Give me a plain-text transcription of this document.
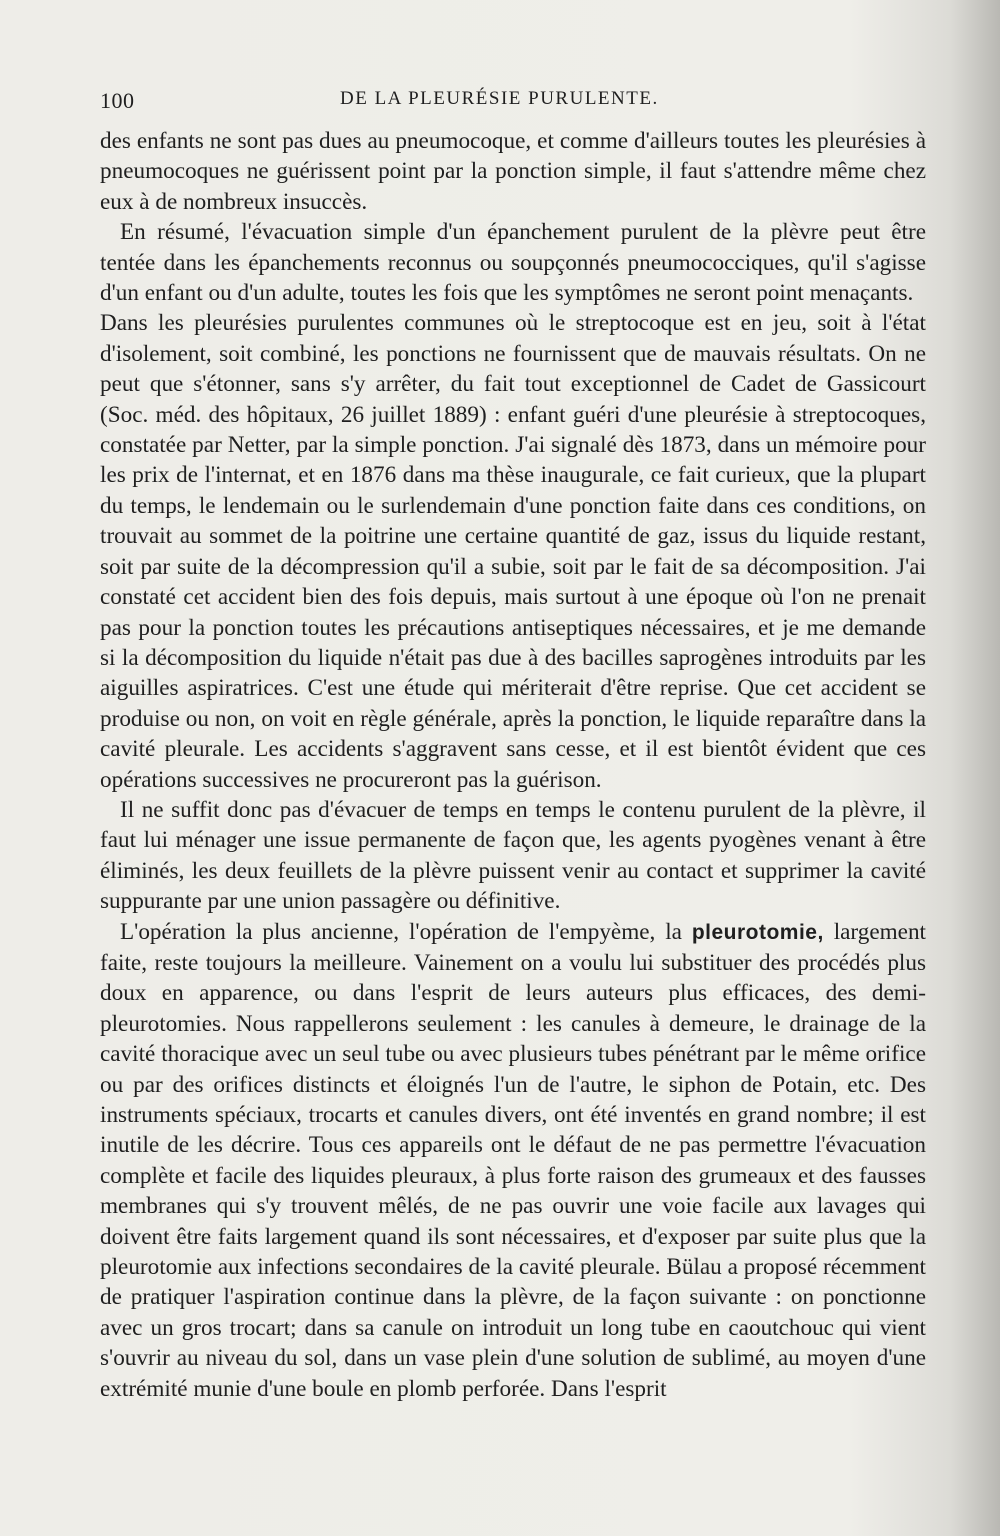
100	DE LA PLEURÉSIE PURULENTE.

des enfants ne sont pas dues au pneumocoque, et comme d'ailleurs toutes les pleurésies à pneumocoques ne guérissent point par la ponction simple, il faut s'attendre même chez eux à de nombreux insuccès.

En résumé, l'évacuation simple d'un épanchement purulent de la plèvre peut être tentée dans les épanchements reconnus ou soupçonnés pneumococciques, qu'il s'agisse d'un enfant ou d'un adulte, toutes les fois que les symptômes ne seront point menaçants.

Dans les pleurésies purulentes communes où le streptocoque est en jeu, soit à l'état d'isolement, soit combiné, les ponctions ne fournissent que de mauvais résultats. On ne peut que s'étonner, sans s'y arrêter, du fait tout exceptionnel de Cadet de Gassicourt (Soc. méd. des hôpitaux, 26 juillet 1889) : enfant guéri d'une pleurésie à streptocoques, constatée par Netter, par la simple ponction. J'ai signalé dès 1873, dans un mémoire pour les prix de l'internat, et en 1876 dans ma thèse inaugurale, ce fait curieux, que la plupart du temps, le lendemain ou le surlendemain d'une ponction faite dans ces conditions, on trouvait au sommet de la poitrine une certaine quantité de gaz, issus du liquide restant, soit par suite de la décompression qu'il a subie, soit par le fait de sa décomposition. J'ai constaté cet accident bien des fois depuis, mais surtout à une époque où l'on ne prenait pas pour la ponction toutes les précautions antiseptiques nécessaires, et je me demande si la décomposition du liquide n'était pas due à des bacilles saprogènes introduits par les aiguilles aspiratrices. C'est une étude qui mériterait d'être reprise. Que cet accident se produise ou non, on voit en règle générale, après la ponction, le liquide reparaître dans la cavité pleurale. Les accidents s'aggravent sans cesse, et il est bientôt évident que ces opérations successives ne procureront pas la guérison.

Il ne suffit donc pas d'évacuer de temps en temps le contenu purulent de la plèvre, il faut lui ménager une issue permanente de façon que, les agents pyogènes venant à être éliminés, les deux feuillets de la plèvre puissent venir au contact et supprimer la cavité suppurante par une union passagère ou définitive.

L'opération la plus ancienne, l'opération de l'empyème, la pleurotomie, largement faite, reste toujours la meilleure. Vainement on a voulu lui substituer des procédés plus doux en apparence, ou dans l'esprit de leurs auteurs plus efficaces, des demi-pleurotomies. Nous rappellerons seulement : les canules à demeure, le drainage de la cavité thoracique avec un seul tube ou avec plusieurs tubes pénétrant par le même orifice ou par des orifices distincts et éloignés l'un de l'autre, le siphon de Potain, etc. Des instruments spéciaux, trocarts et canules divers, ont été inventés en grand nombre; il est inutile de les décrire. Tous ces appareils ont le défaut de ne pas permettre l'évacuation complète et facile des liquides pleuraux, à plus forte raison des grumeaux et des fausses membranes qui s'y trouvent mêlés, de ne pas ouvrir une voie facile aux lavages qui doivent être faits largement quand ils sont nécessaires, et d'exposer par suite plus que la pleurotomie aux infections secondaires de la cavité pleurale. Bülau a proposé récemment de pratiquer l'aspiration continue dans la plèvre, de la façon suivante : on ponctionne avec un gros trocart; dans sa canule on introduit un long tube en caoutchouc qui vient s'ouvrir au niveau du sol, dans un vase plein d'une solution de sublimé, au moyen d'une extrémité munie d'une boule en plomb perforée. Dans l'esprit
